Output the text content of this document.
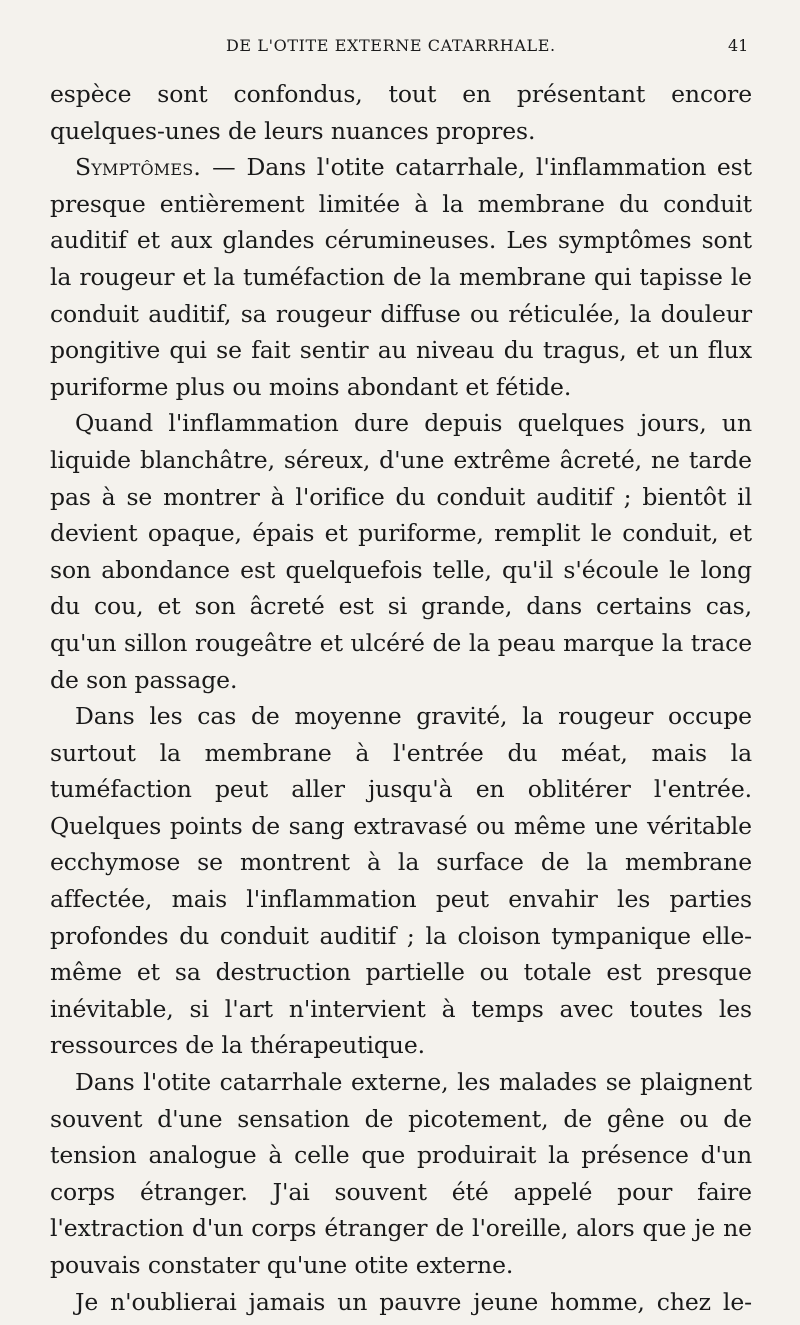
DE L'OTITE EXTERNE CATARRHALE.	41

espèce sont confondus, tout en présentant encore quelques-unes de leurs nuances propres.

Symptômes. — Dans l'otite catarrhale, l'inflammation est presque entièrement limitée à la membrane du conduit auditif et aux glandes cérumineuses. Les symptômes sont la rougeur et la tuméfaction de la membrane qui tapisse le conduit auditif, sa rougeur diffuse ou réticulée, la douleur pongitive qui se fait sentir au niveau du tragus, et un flux puriforme plus ou moins abondant et fétide.

Quand l'inflammation dure depuis quelques jours, un liquide blanchâtre, séreux, d'une extrême âcreté, ne tarde pas à se montrer à l'orifice du conduit auditif ; bientôt il devient opaque, épais et puriforme, remplit le conduit, et son abondance est quelquefois telle, qu'il s'écoule le long du cou, et son âcreté est si grande, dans certains cas, qu'un sillon rougeâtre et ulcéré de la peau marque la trace de son passage.

Dans les cas de moyenne gravité, la rougeur occupe surtout la membrane à l'entrée du méat, mais la tuméfaction peut aller jusqu'à en oblitérer l'entrée. Quelques points de sang extravasé ou même une véritable ecchymose se montrent à la surface de la membrane affectée, mais l'inflammation peut envahir les parties profondes du conduit auditif ; la cloison tympanique elle-même et sa destruction partielle ou totale est presque inévitable, si l'art n'intervient à temps avec toutes les ressources de la thérapeutique.

Dans l'otite catarrhale externe, les malades se plaignent souvent d'une sensation de picotement, de gêne ou de tension analogue à celle que produirait la présence d'un corps étranger. J'ai souvent été appelé pour faire l'extraction d'un corps étranger de l'oreille, alors que je ne pouvais constater qu'une otite externe.

Je n'oublierai jamais un pauvre jeune homme, chez le-
